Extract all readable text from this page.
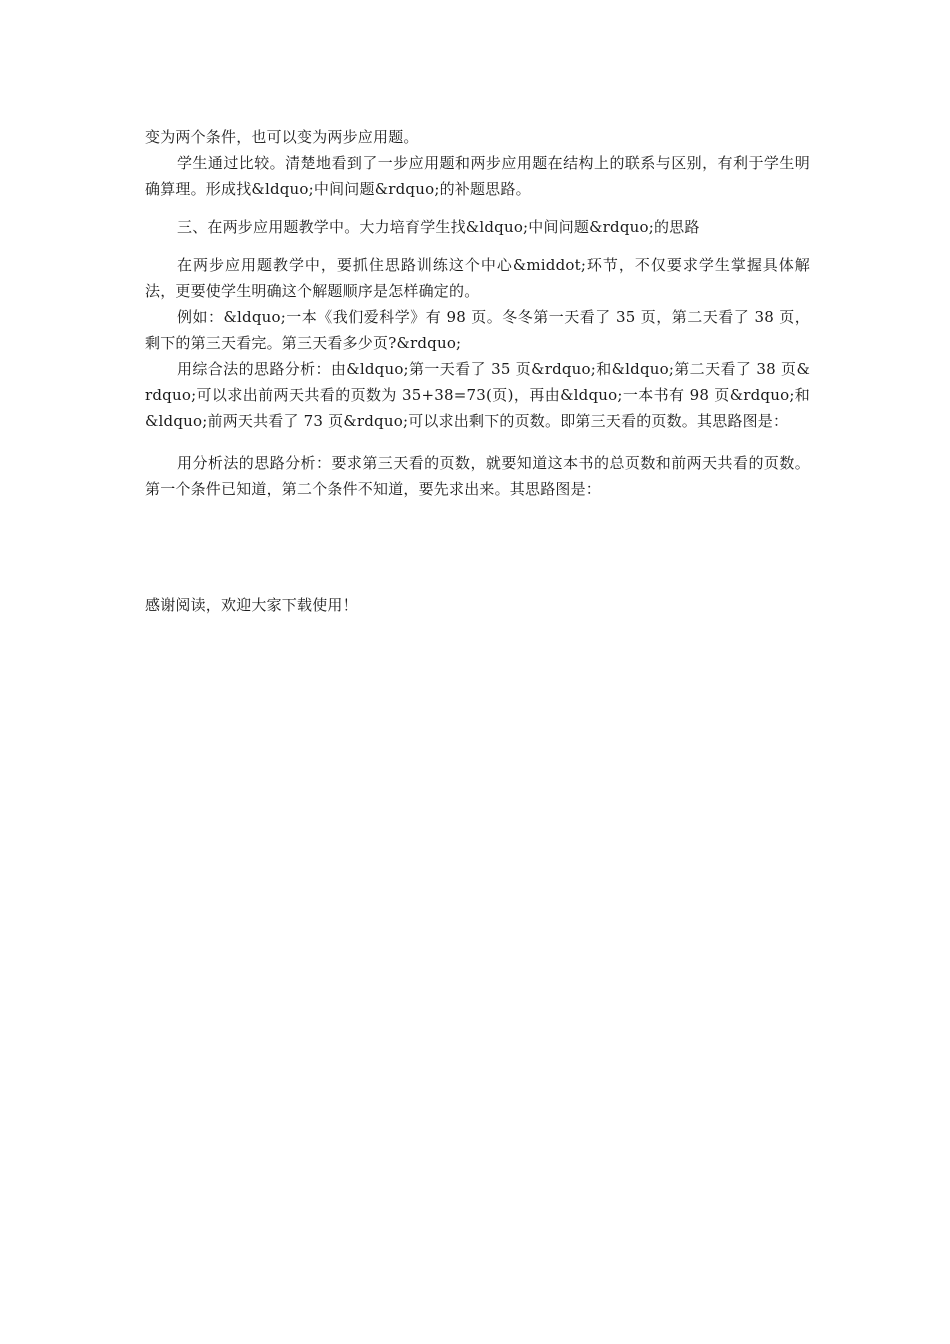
变为两个条件，也可以变为两步应用题。

学生通过比较。清楚地看到了一步应用题和两步应用题在结构上的联系与区别，有利于学生明确算理。形成找&ldquo;中间问题&rdquo;的补题思路。

三、在两步应用题教学中。大力培育学生找&ldquo;中间问题&rdquo;的思路

在两步应用题教学中，要抓住思路训练这个中心&middot;环节，不仅要求学生掌握具体解法，更要使学生明确这个解题顺序是怎样确定的。

例如：&ldquo;一本《我们爱科学》有 98 页。冬冬第一天看了 35 页，第二天看了 38 页，剩下的第三天看完。第三天看多少页?&rdquo;

用综合法的思路分析：由&ldquo;第一天看了 35 页&rdquo;和&ldquo;第二天看了 38 页&rdquo;可以求出前两天共看的页数为 35+38=73(页)，再由&ldquo;一本书有 98 页&rdquo;和&ldquo;前两天共看了 73 页&rdquo;可以求出剩下的页数。即第三天看的页数。其思路图是：

用分析法的思路分析：要求第三天看的页数，就要知道这本书的总页数和前两天共看的页数。第一个条件已知道，第二个条件不知道，要先求出来。其思路图是：

感谢阅读，欢迎大家下载使用！
